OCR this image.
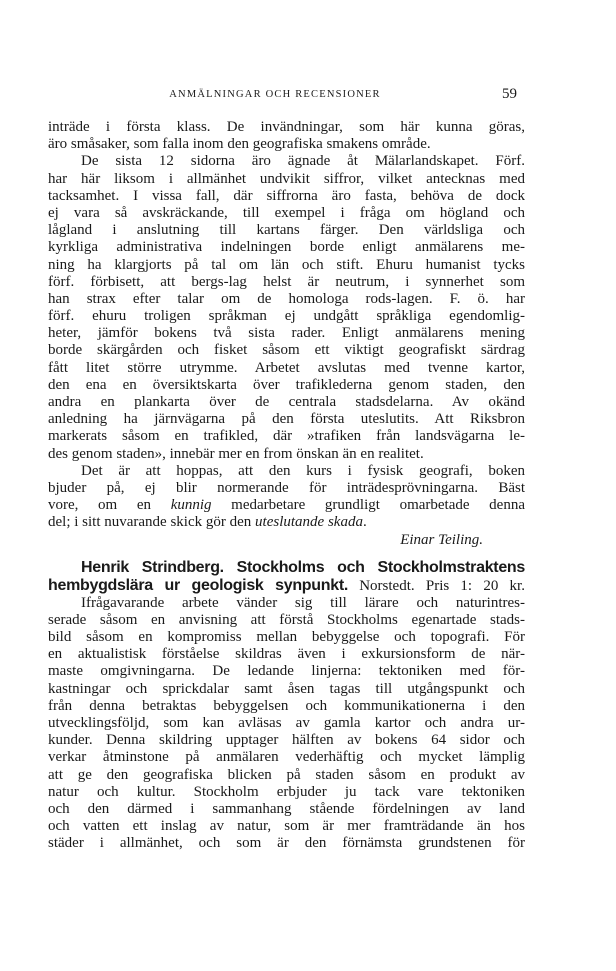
ANMÄLNINGAR OCH RECENSIONER	59
inträde i första klass. De invändningar, som här kunna göras,
äro småsaker, som falla inom den geografiska smakens område.
De sista 12 sidorna äro ägnade åt Mälarlandskapet. Förf.
har här liksom i allmänhet undvikit siffror, vilket antecknas med
tacksamhet. I vissa fall, där siffrorna äro fasta, behöva de dock
ej vara så avskräckande, till exempel i fråga om högland och
lågland i anslutning till kartans färger. Den världsliga och
kyrkliga administrativa indelningen borde enligt anmälarens me-
ning ha klargjorts på tal om län och stift. Ehuru humanist tycks
förf. förbisett, att bergs-lag helst är neutrum, i synnerhet som
han strax efter talar om de homologa rods-lagen. F. ö. har
förf. ehuru troligen språkman ej undgått språkliga egendomlig-
heter, jämför bokens två sista rader. Enligt anmälarens mening
borde skärgården och fisket såsom ett viktigt geografiskt särdrag
fått litet större utrymme. Arbetet avslutas med tvenne kartor,
den ena en översiktskarta över trafiklederna genom staden, den
andra en plankarta över de centrala stadsdelarna. Av okänd
anledning ha järnvägarna på den första uteslutits. Att Riksbron
markerats såsom en trafikled, där »trafiken från landsvägarna le-
des genom staden», innebär mer en from önskan än en realitet.
Det är att hoppas, att den kurs i fysisk geografi, boken
bjuder på, ej blir normerande för inträdesprövningarna. Bäst
vore, om en kunnig medarbetare grundligt omarbetade denna
del; i sitt nuvarande skick gör den uteslutande skada.
Einar Teiling.
Henrik Strindberg. Stockholms och Stockholmstraktens
hembygdslära ur geologisk synpunkt. Norstedt. Pris 1: 20 kr.
Ifrågavarande arbete vänder sig till lärare och naturintres-
serade såsom en anvisning att förstå Stockholms egenartade stads-
bild såsom en kompromiss mellan bebyggelse och topografi. För
en aktualistisk förståelse skildras även i exkursionsform de när-
maste omgivningarna. De ledande linjerna: tektoniken med för-
kastningar och sprickdalar samt åsen tagas till utgångspunkt och
från denna betraktas bebyggelsen och kommunikationerna i den
utvecklingsföljd, som kan avläsas av gamla kartor och andra ur-
kunder. Denna skildring upptager hälften av bokens 64 sidor och
verkar åtminstone på anmälaren vederhäftig och mycket lämplig
att ge den geografiska blicken på staden såsom en produkt av
natur och kultur. Stockholm erbjuder ju tack vare tektoniken
och den därmed i sammanhang stående fördelningen av land
och vatten ett inslag av natur, som är mer framträdande än hos
städer i allmänhet, och som är den förnämsta grundstenen för
